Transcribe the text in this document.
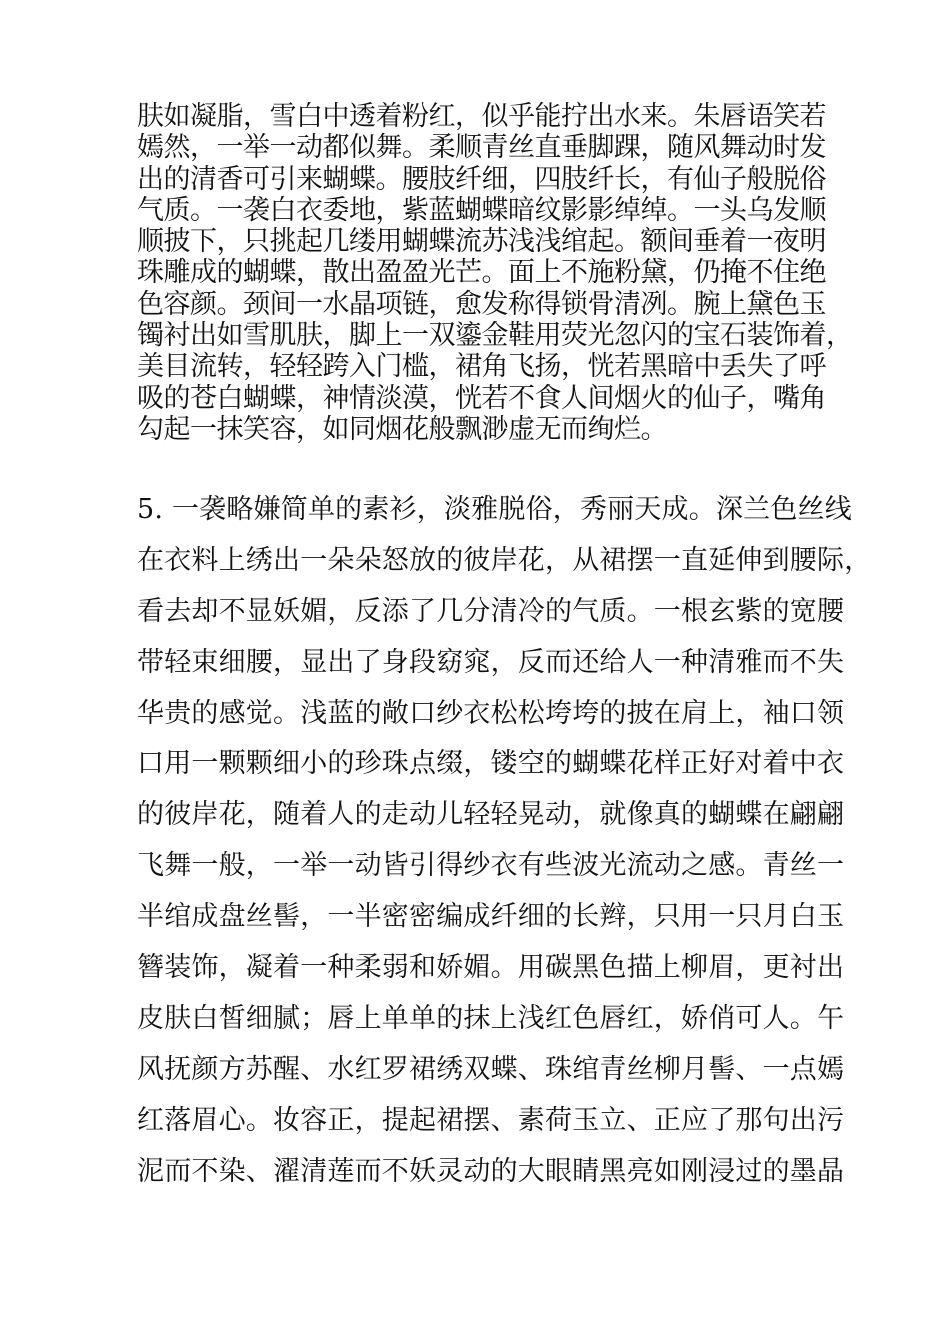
肤如凝脂，雪白中透着粉红，似乎能拧出水来。朱唇语笑若
嫣然，一举一动都似舞。柔顺青丝直垂脚踝，随风舞动时发
出的清香可引来蝴蝶。腰肢纤细，四肢纤长，有仙子般脱俗
气质。一袭白衣委地，紫蓝蝴蝶暗纹影影绰绰。一头乌发顺
顺披下，只挑起几缕用蝴蝶流苏浅浅绾起。额间垂着一夜明
珠雕成的蝴蝶，散出盈盈光芒。面上不施粉黛，仍掩不住绝
色容颜。颈间一水晶项链，愈发称得锁骨清冽。腕上黛色玉
镯衬出如雪肌肤，脚上一双鎏金鞋用荧光忽闪的宝石装饰着，
美目流转，轻轻跨入门槛，裙角飞扬，恍若黑暗中丢失了呼
吸的苍白蝴蝶，神情淡漠，恍若不食人间烟火的仙子，嘴角
勾起一抹笑容，如同烟花般飘渺虚无而绚烂。
5. 一袭略嫌简单的素衫，淡雅脱俗，秀丽天成。深兰色丝线
在衣料上绣出一朵朵怒放的彼岸花，从裙摆一直延伸到腰际，
看去却不显妖媚，反添了几分清冷的气质。一根玄紫的宽腰
带轻束细腰，显出了身段窈窕，反而还给人一种清雅而不失
华贵的感觉。浅蓝的敞口纱衣松松垮垮的披在肩上，袖口领
口用一颗颗细小的珍珠点缀，镂空的蝴蝶花样正好对着中衣
的彼岸花，随着人的走动儿轻轻晃动，就像真的蝴蝶在翩翩
飞舞一般，一举一动皆引得纱衣有些波光流动之感。青丝一
半绾成盘丝髻，一半密密编成纤细的长辫，只用一只月白玉
簪装饰，凝着一种柔弱和娇媚。用碳黑色描上柳眉，更衬出
皮肤白皙细腻；唇上单单的抹上浅红色唇红，娇俏可人。午
风抚颜方苏醒、水红罗裙绣双蝶、珠绾青丝柳月髻、一点嫣
红落眉心。妆容正，提起裙摆、素荷玉立、正应了那句出污
泥而不染、濯清莲而不妖灵动的大眼睛黑亮如刚浸过的墨晶
